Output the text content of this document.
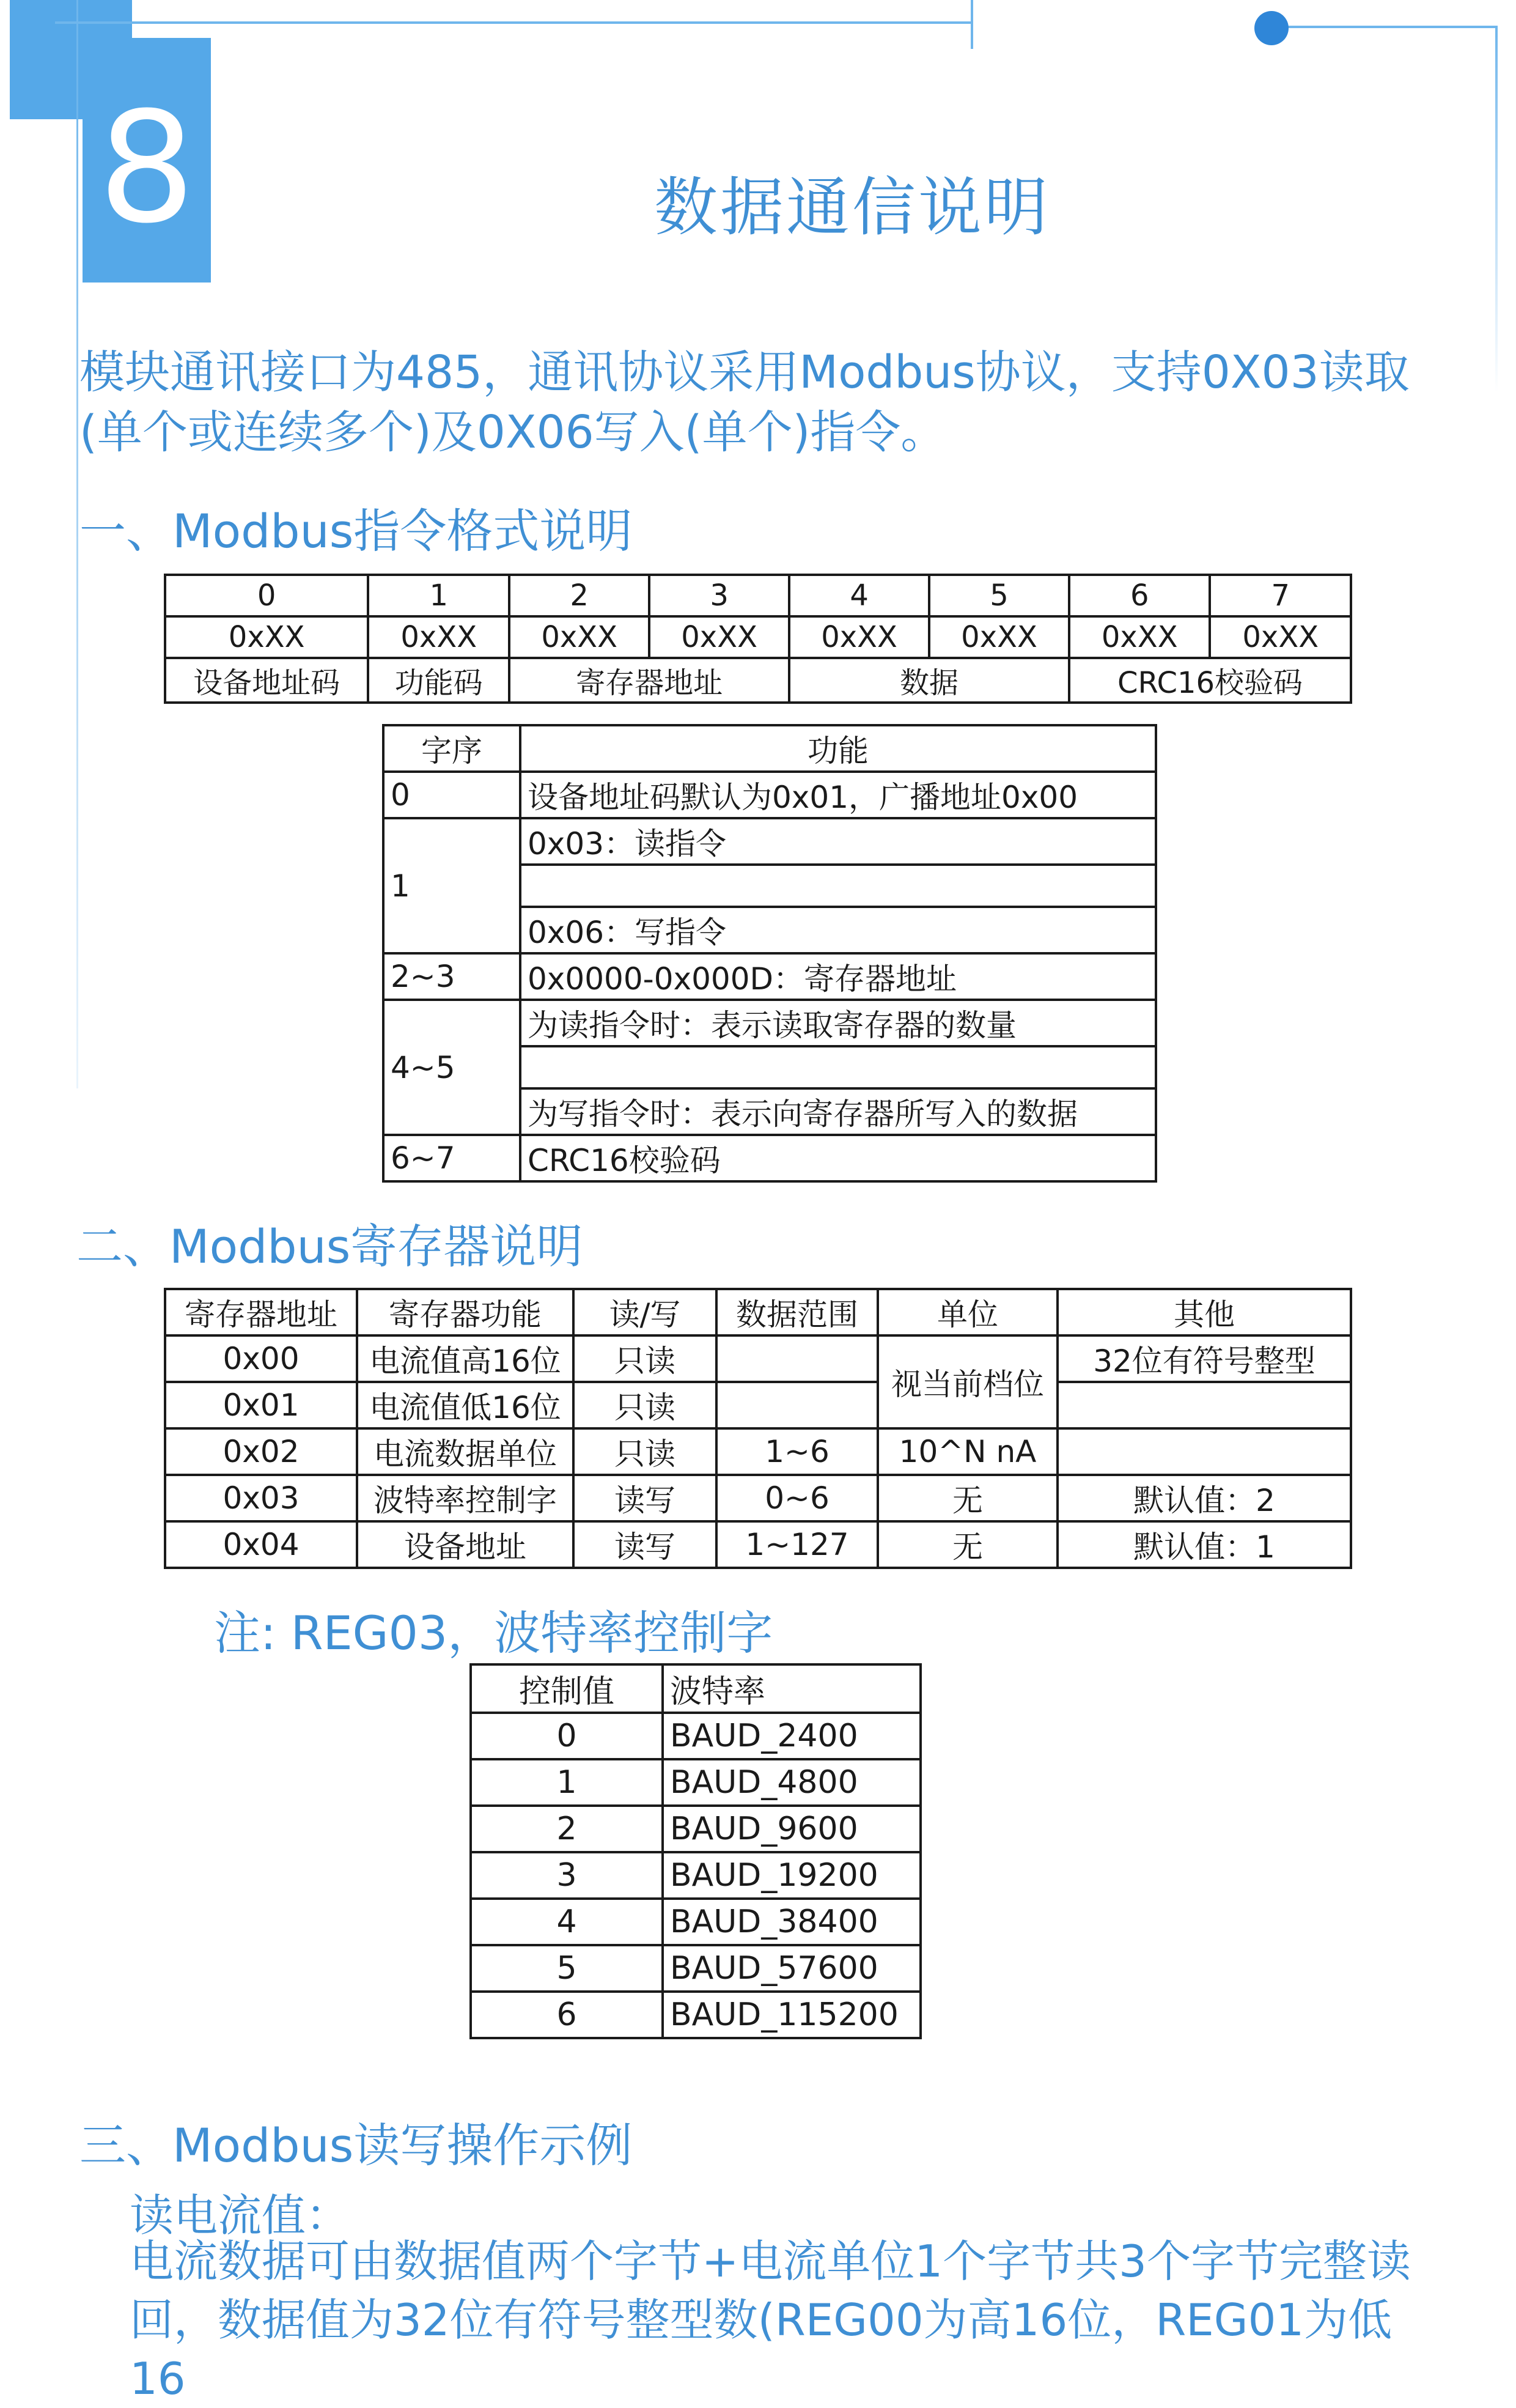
8	数据通信说明
模块通讯接口为485，通讯协议采用Modbus协议，支持0X03读取(单个或连续多个)及0X06写入(单个)指令。
一、Modbus指令格式说明
0	1	2	3	4	5	6	7
0xXX	0xXX	0xXX	0xXX	0xXX	0xXX	0xXX	0xXX
设备地址码	功能码	寄存器地址		数据		CRC16校验码	
字序	功能
0	设备地址码默认为0x01，广播地址0x00
1	0x03：读指令

	0x06：写指令
2~3	0x0000-0x000D：寄存器地址
4~5	为读指令时：表示读取寄存器的数量

	为写指令时：表示向寄存器所写入的数据
6~7	CRC16校验码
二、Modbus寄存器说明
寄存器地址	寄存器功能	读/写	数据范围	单位	其他
0x00	电流值高16位	只读		视当前档位	32位有符号整型
0x01	电流值低16位	只读			
0x02	电流数据单位	只读	1~6	10^N nA	
0x03	波特率控制字	读写	0~6	无	默认值：2
0x04	设备地址	读写	1~127	无	默认值：1
注: REG03，波特率控制字
控制值	波特率
0	BAUD_2400
1	BAUD_4800
2	BAUD_9600
3	BAUD_19200
4	BAUD_38400
5	BAUD_57600
6	BAUD_115200
三、Modbus读写操作示例
读电流值：
电流数据可由数据值两个字节+电流单位1个字节共3个字节完整读回，数据值为32位有符号整型数(REG00为高16位，REG01为低16
